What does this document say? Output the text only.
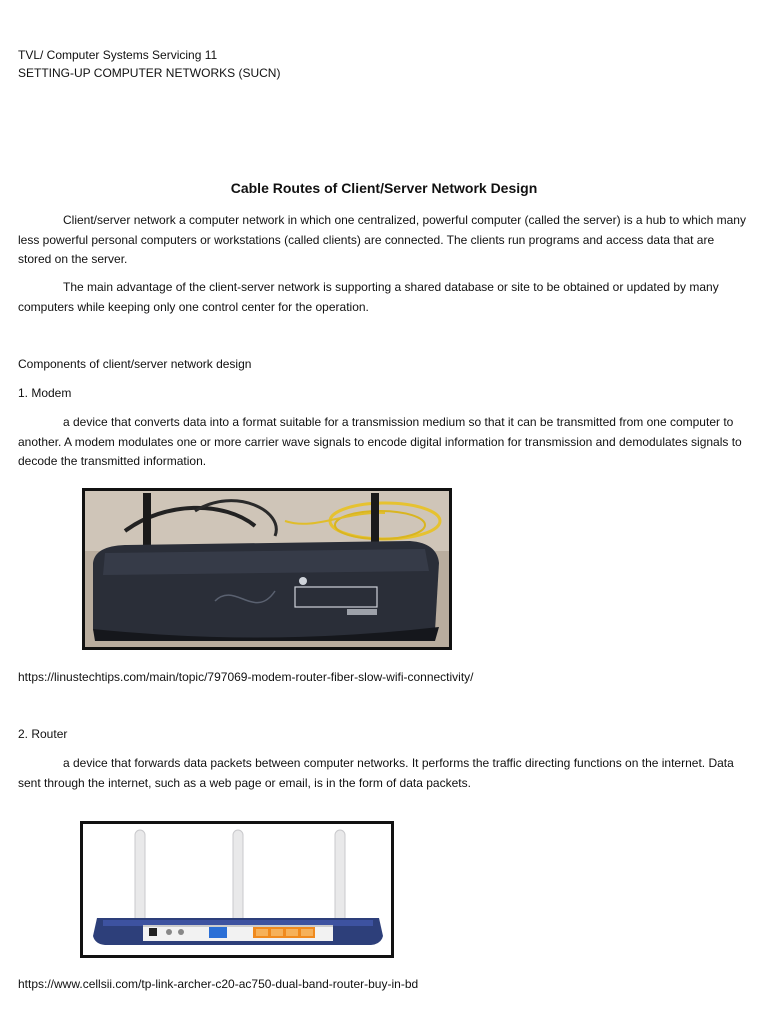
TVL/ Computer Systems Servicing 11
SETTING-UP COMPUTER NETWORKS (SUCN)
Cable Routes of Client/Server Network Design
Client/server network a computer network in which one centralized, powerful computer (called the server) is a hub to which many less powerful personal computers or workstations (called clients) are connected. The clients run programs and access data that are stored on the server.
The main advantage of the client-server network is supporting a shared database or site to be obtained or updated by many computers while keeping only one control center for the operation.
Components of client/server network design
1. Modem
a device that converts data into a format suitable for a transmission medium so that it can be transmitted from one computer to another. A modem modulates one or more carrier wave signals to encode digital information for transmission and demodulates signals to decode the transmitted information.
https://linustechtips.com/main/topic/797069-modem-router-fiber-slow-wifi-connectivity/
2. Router
a device that forwards data packets between computer networks. It performs the traffic directing functions on the internet. Data sent through the internet, such as a web page or email, is in the form of data packets.
https://www.cellsii.com/tp-link-archer-c20-ac750-dual-band-router-buy-in-bd
